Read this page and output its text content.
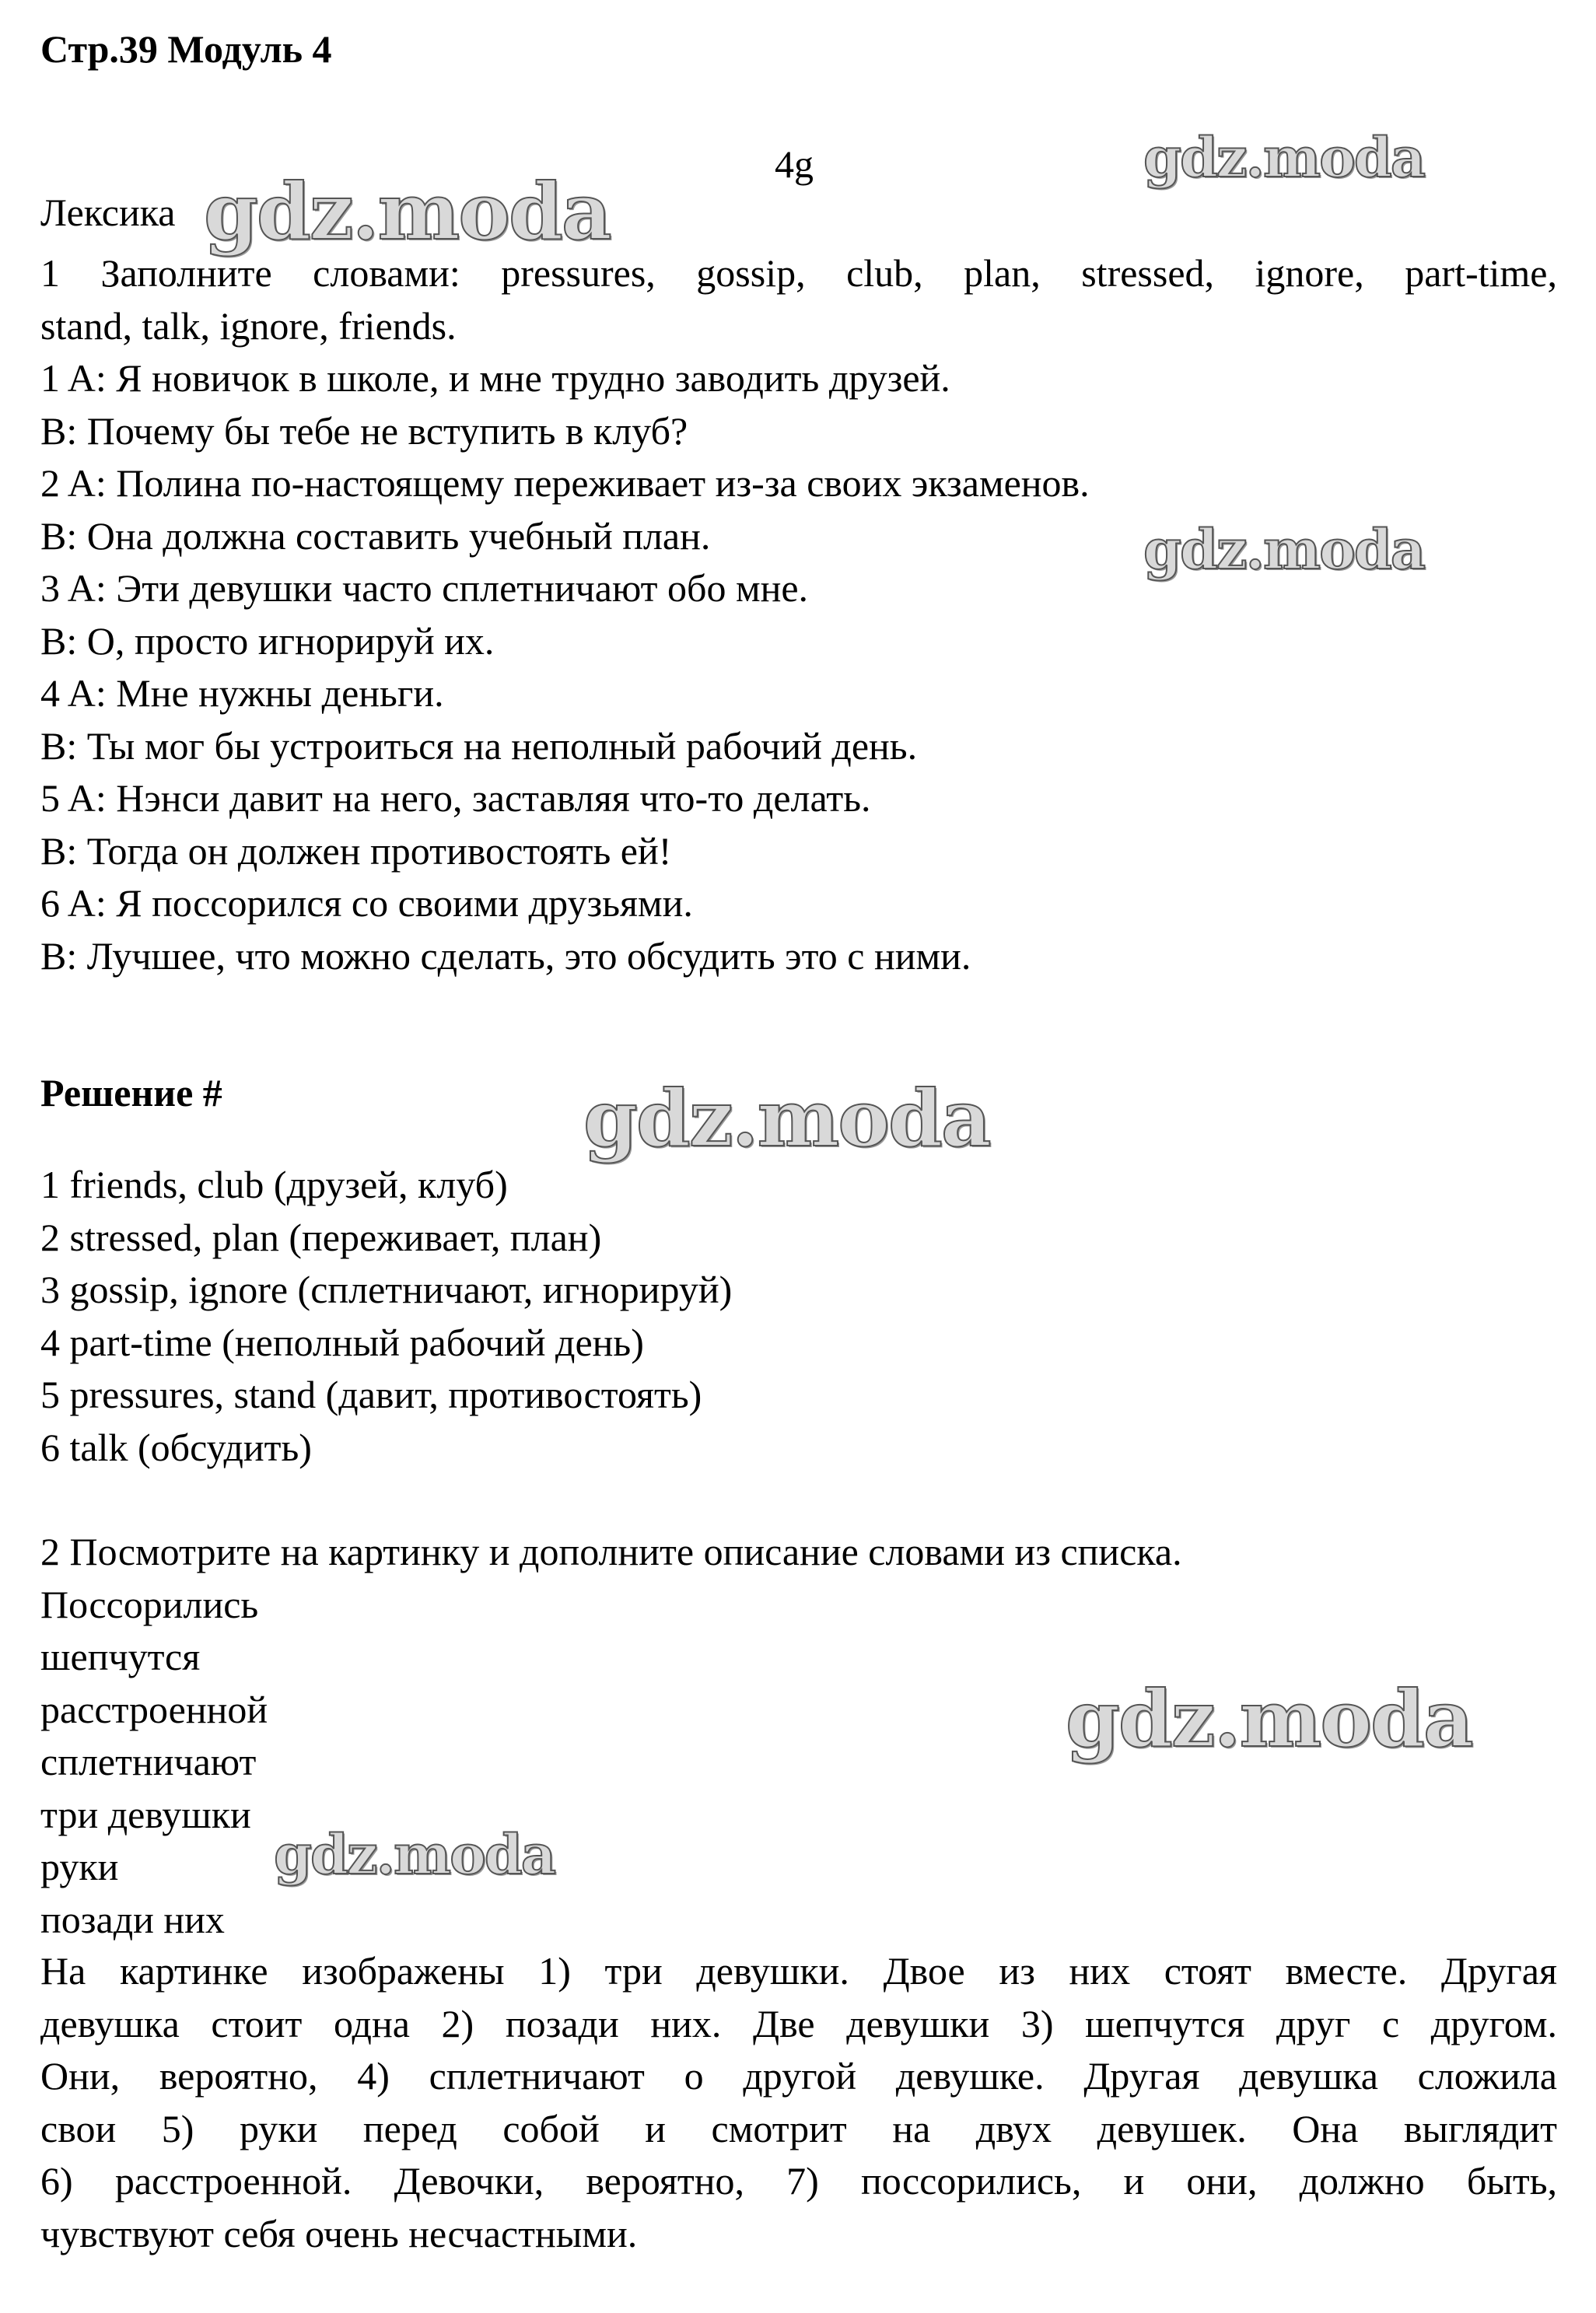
Стр.39 Модуль 4
4g
Лексика
1 Заполните словами: pressures, gossip, club, plan, stressed, ignore, part-time,
stand, talk, ignore, friends.
1 A: Я новичок в школе, и мне трудно заводить друзей.
B: Почему бы тебе не вступить в клуб?
2 A: Полина по-настоящему переживает из-за своих экзаменов.
B: Она должна составить учебный план.
3 A: Эти девушки часто сплетничают обо мне.
B: О, просто игнорируй их.
4 A: Мне нужны деньги.
B: Ты мог бы устроиться на неполный рабочий день.
5 A: Нэнси давит на него, заставляя что-то делать.
B: Тогда он должен противостоять ей!
6 A: Я поссорился со своими друзьями.
B: Лучшее, что можно сделать, это обсудить это с ними.
Решение #
1 friends, club (друзей, клуб)
2 stressed, plan (переживает, план)
3 gossip, ignore (сплетничают, игнорируй)
4 part-time (неполный рабочий день)
5 pressures, stand (давит, противостоять)
6 talk (обсудить)
2 Посмотрите на картинку и дополните описание словами из списка.
Поссорились
шепчутся
расстроенной
сплетничают
три девушки
руки
позади них
На картинке изображены 1) три девушки. Двое из них стоят вместе. Другая
девушка стоит одна 2) позади них. Две девушки 3) шепчутся друг с другом.
Они, вероятно, 4) сплетничают о другой девушке. Другая девушка сложила
свои 5) руки перед собой и смотрит на двух девушек. Она выглядит
6) расстроенной. Девочки, вероятно, 7) поссорились, и они, должно быть,
чувствуют себя очень несчастными.
gdz.moda
gdz.moda
gdz.moda
gdz.moda
gdz.moda
gdz.moda
